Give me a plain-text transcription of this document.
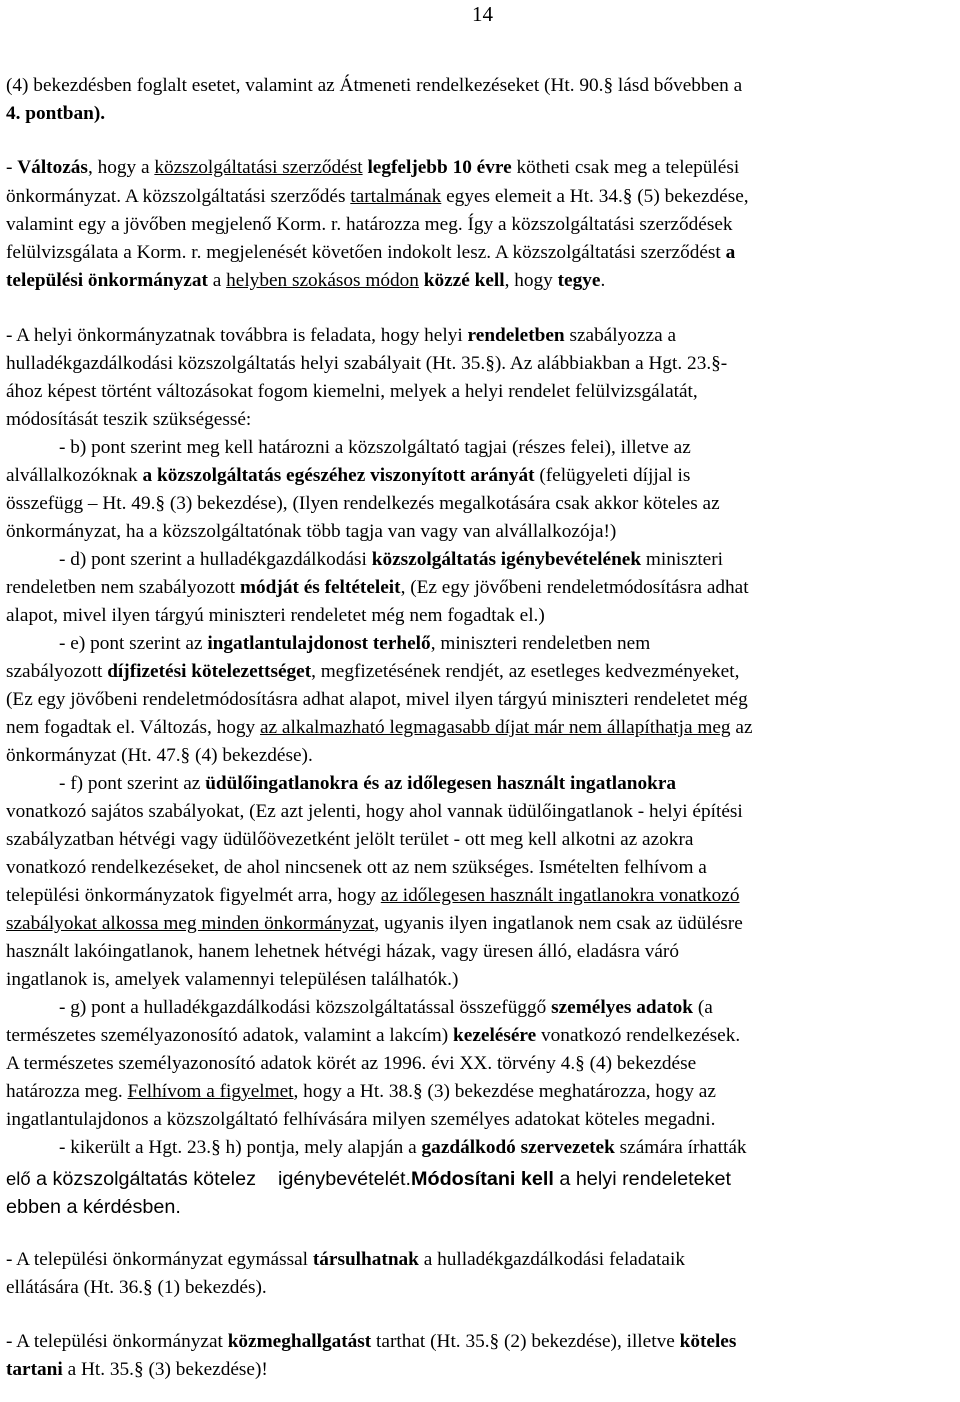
14
(4) bekezdésben foglalt esetet, valamint az Átmeneti rendelkezéseket (Ht. 90.§ lásd bővebben a
4. pontban).
- Változás, hogy a közszolgáltatási szerződést legfeljebb 10 évre kötheti csak meg a települési
önkormányzat. A közszolgáltatási szerződés tartalmának egyes elemeit a Ht. 34.§ (5) bekezdése,
valamint egy a jövőben megjelenő Korm. r. határozza meg. Így a közszolgáltatási szerződések
felülvizsgálata a Korm. r. megjelenését követően indokolt lesz. A közszolgáltatási szerződést a
települési önkormányzat a helyben szokásos módon közzé kell, hogy tegye.
- A helyi önkormányzatnak továbbra is feladata, hogy helyi rendeletben szabályozza a
hulladékgazdálkodási közszolgáltatás helyi szabályait (Ht. 35.§). Az alábbiakban a Hgt. 23.§-
ához képest történt változásokat fogom kiemelni, melyek a helyi rendelet felülvizsgálatát,
módosítását teszik szükségessé:
- b) pont szerint meg kell határozni a közszolgáltató tagjai (részes felei), illetve az
alvállalkozóknak a közszolgáltatás egészéhez viszonyított arányát (felügyeleti díjjal is
összefügg – Ht. 49.§ (3) bekezdése), (Ilyen rendelkezés megalkotására csak akkor köteles az
önkormányzat, ha a közszolgáltatónak több tagja van vagy van alvállalkozója!)
- d) pont szerint a hulladékgazdálkodási közszolgáltatás igénybevételének miniszteri
rendeletben nem szabályozott módját és feltételeit, (Ez egy jövőbeni rendeletmódosításra adhat
alapot, mivel ilyen tárgyú miniszteri rendeletet még nem fogadtak el.)
- e) pont szerint az ingatlantulajdonost terhelő, miniszteri rendeletben nem
szabályozott díjfizetési kötelezettséget, megfizetésének rendjét, az esetleges kedvezményeket,
(Ez egy jövőbeni rendeletmódosításra adhat alapot, mivel ilyen tárgyú miniszteri rendeletet még
nem fogadtak el. Változás, hogy az alkalmazható legmagasabb díjat már nem állapíthatja meg az
önkormányzat (Ht. 47.§ (4) bekezdése).
- f) pont szerint az üdülőingatlanokra és az időlegesen használt ingatlanokra
vonatkozó sajátos szabályokat, (Ez azt jelenti, hogy ahol vannak üdülőingatlanok - helyi építési
szabályzatban hétvégi vagy üdülőövezetként jelölt terület - ott meg kell alkotni az azokra
vonatkozó rendelkezéseket, de ahol nincsenek ott az nem szükséges. Ismételten felhívom a
települési önkormányzatok figyelmét arra, hogy az időlegesen használt ingatlanokra vonatkozó
szabályokat alkossa meg minden önkormányzat, ugyanis ilyen ingatlanok nem csak az üdülésre
használt lakóingatlanok, hanem lehetnek hétvégi házak, vagy üresen álló, eladásra váró
ingatlanok is, amelyek valamennyi településen találhatók.)
- g) pont a hulladékgazdálkodási közszolgáltatással összefüggő személyes adatok (a
természetes személyazonosító adatok, valamint a lakcím) kezelésére vonatkozó rendelkezések.
A természetes személyazonosító adatok körét az 1996. évi XX. törvény 4.§ (4) bekezdése
határozza meg. Felhívom a figyelmet, hogy a Ht. 38.§ (3) bekezdése meghatározza, hogy az
ingatlantulajdonos a közszolgáltató felhívására milyen személyes adatokat köteles megadni.
- kikerült a Hgt. 23.§ h) pontja, mely alapján a gazdálkodó szervezetek számára írhatták
elő a közszolgáltatás kötelez    igénybevételét.Módosítani kell a helyi rendeleteket
ebben a kérdésben.
- A települési önkormányzat egymással társulhatnak a hulladékgazdálkodási feladataik
ellátására (Ht. 36.§ (1) bekezdés).
- A települési önkormányzat közmeghallgatást tarthat (Ht. 35.§ (2) bekezdése), illetve köteles
tartani a Ht. 35.§ (3) bekezdése)!
